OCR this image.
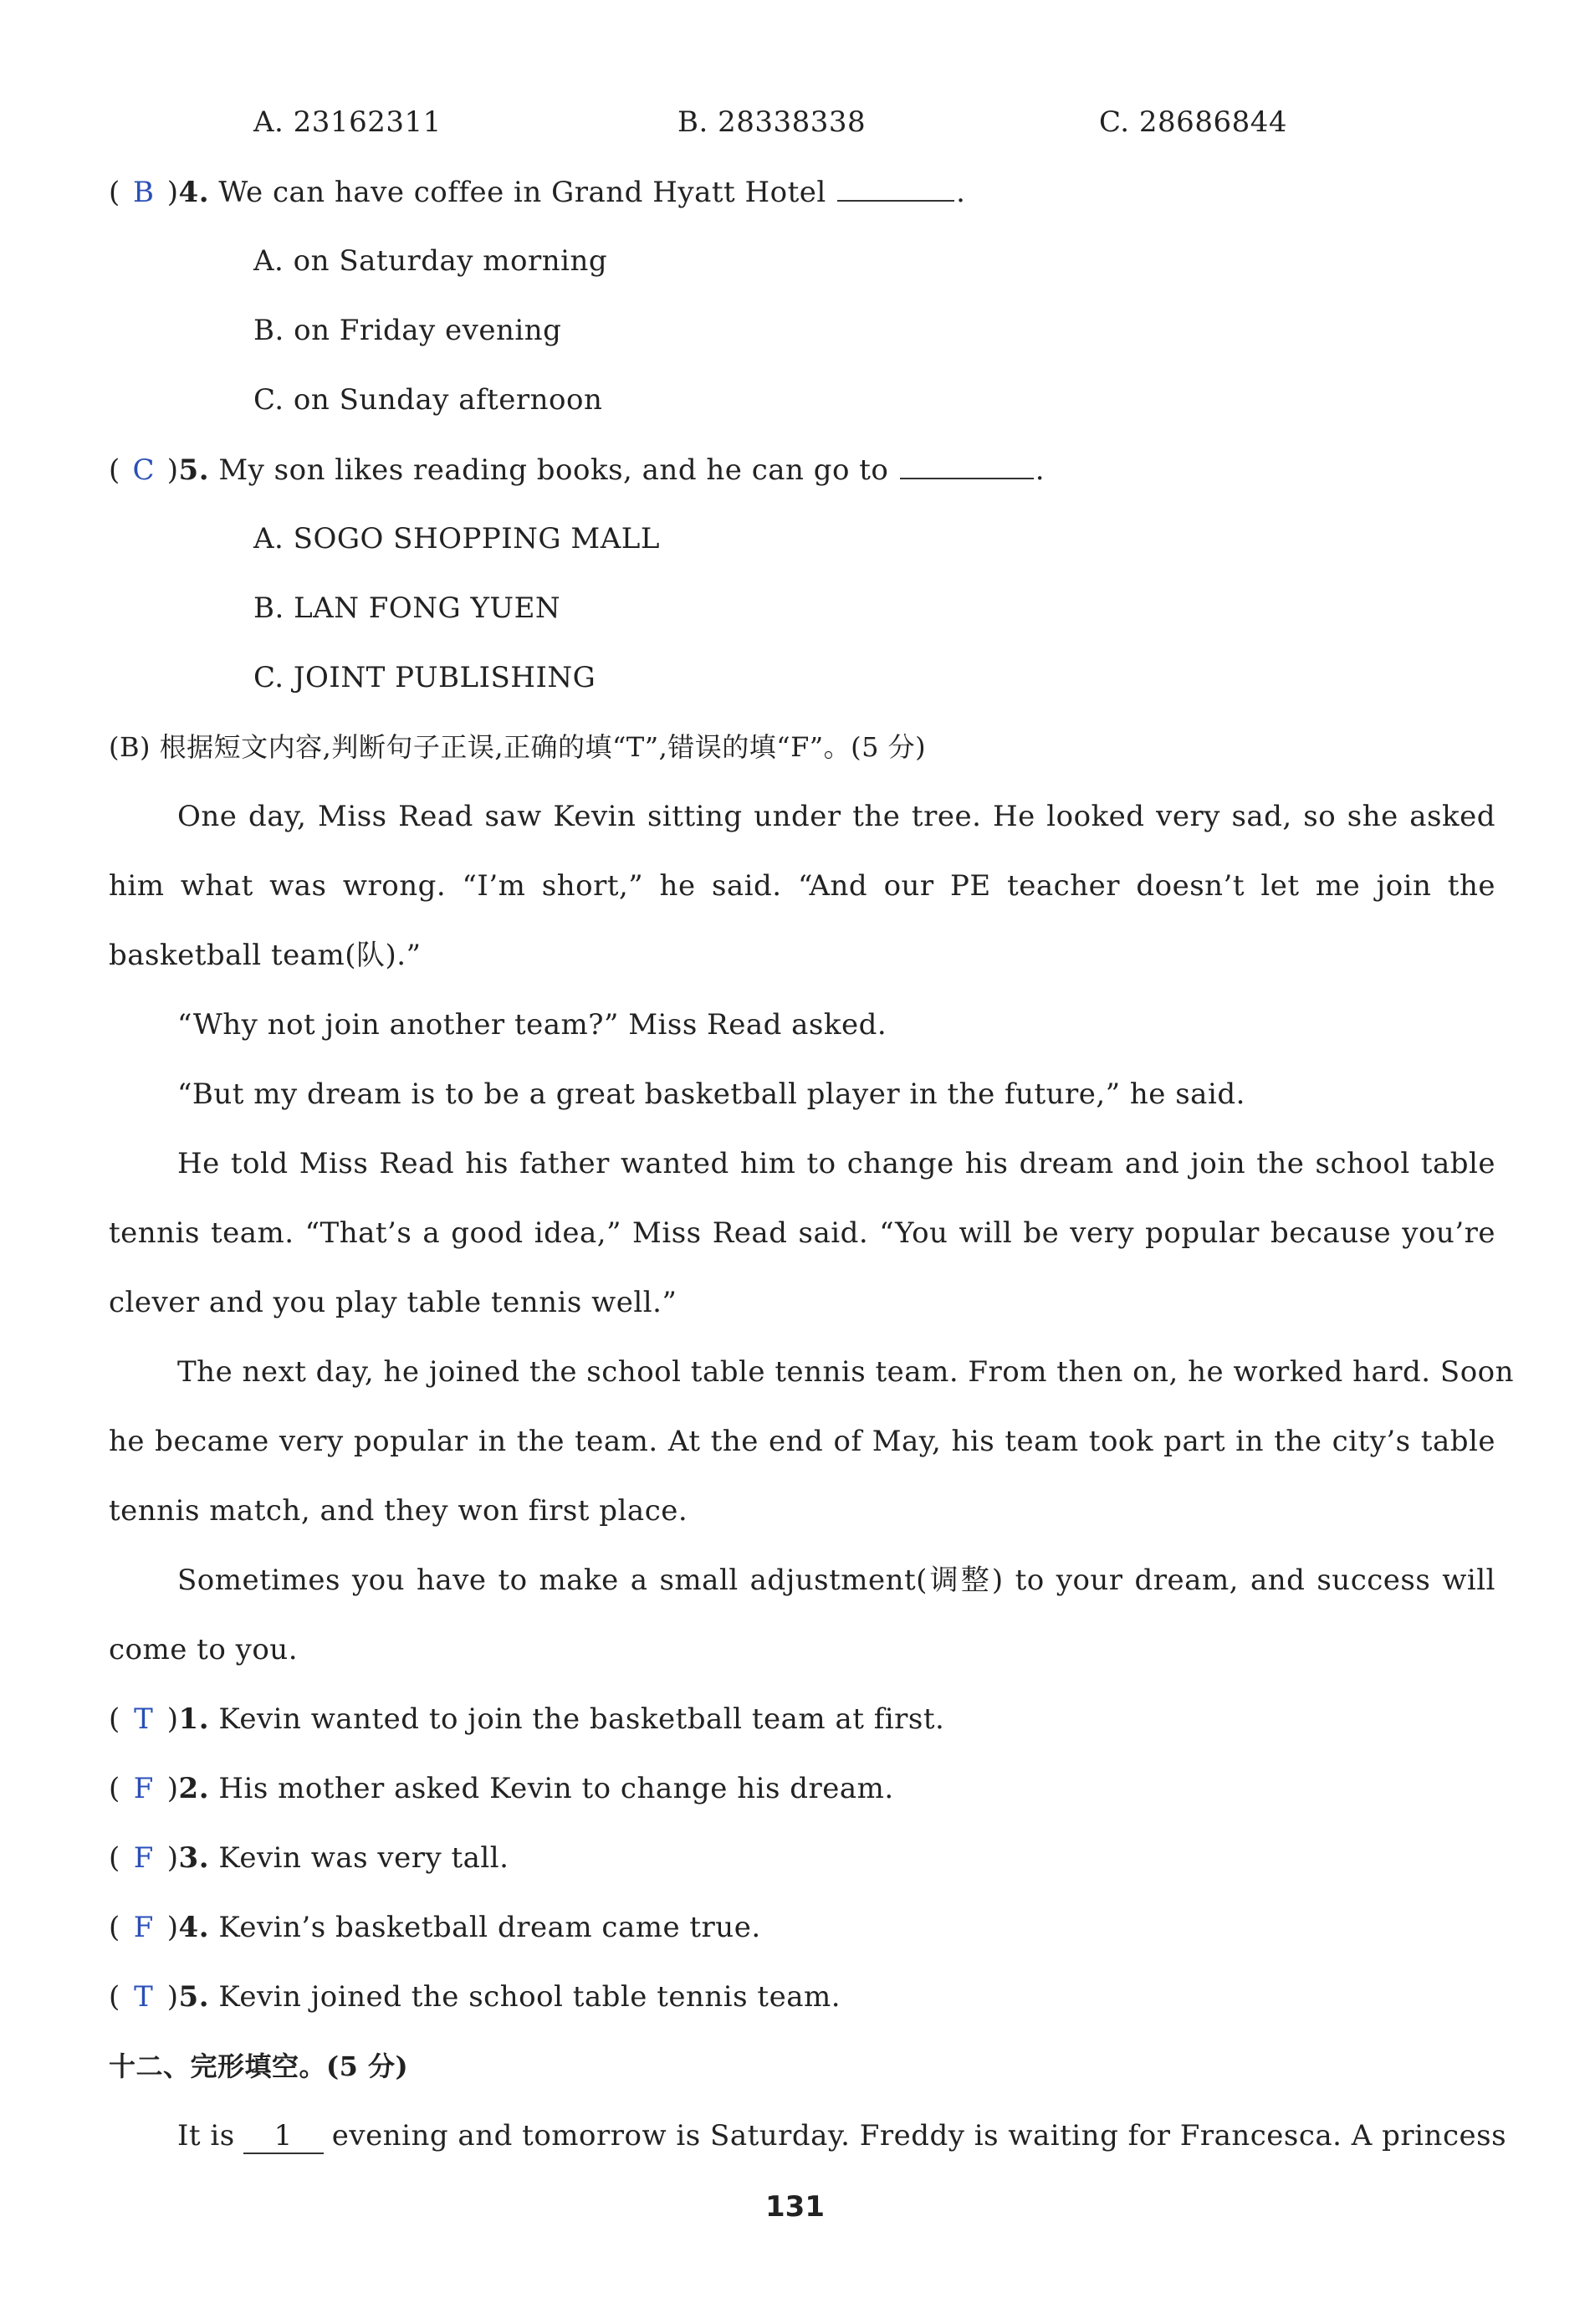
A. 23162311	B. 28338338	C. 28686844
( B )4. We can have coffee in Grand Hyatt Hotel	.
A. on Saturday morning
B. on Friday evening
C. on Sunday afternoon
( C )5. My son likes reading books, and he can go to	.
A. SOGO SHOPPING MALL
B. LAN FONG YUEN
C. JOINT PUBLISHING
(B) 根据短文内容,判断句子正误,正确的填“T”,错误的填“F”。(5 分)
One day, Miss Read saw Kevin sitting under the tree. He looked very sad, so she asked
him what was wrong. “I’m short,” he said. “And our PE teacher doesn’t let me join the
basketball team(队).”
“Why not join another team?” Miss Read asked.
“But my dream is to be a great basketball player in the future,” he said.
He told Miss Read his father wanted him to change his dream and join the school table
tennis team. “That’s a good idea,” Miss Read said. “You will be very popular because you’re
clever and you play table tennis well.”
The next day, he joined the school table tennis team. From then on, he worked hard. Soon
he became very popular in the team. At the end of May, his team took part in the city’s table
tennis match, and they won first place.
Sometimes you have to make a small adjustment(调整) to your dream, and success will
come to you.
( T )1. Kevin wanted to join the basketball team at first.
( F )2. His mother asked Kevin to change his dream.
( F )3. Kevin was very tall.
( F )4. Kevin’s basketball dream came true.
( T )5. Kevin joined the school table tennis team.
十二、完形填空。(5 分)
It is 1 evening and tomorrow is Saturday. Freddy is waiting for Francesca. A princess
131
